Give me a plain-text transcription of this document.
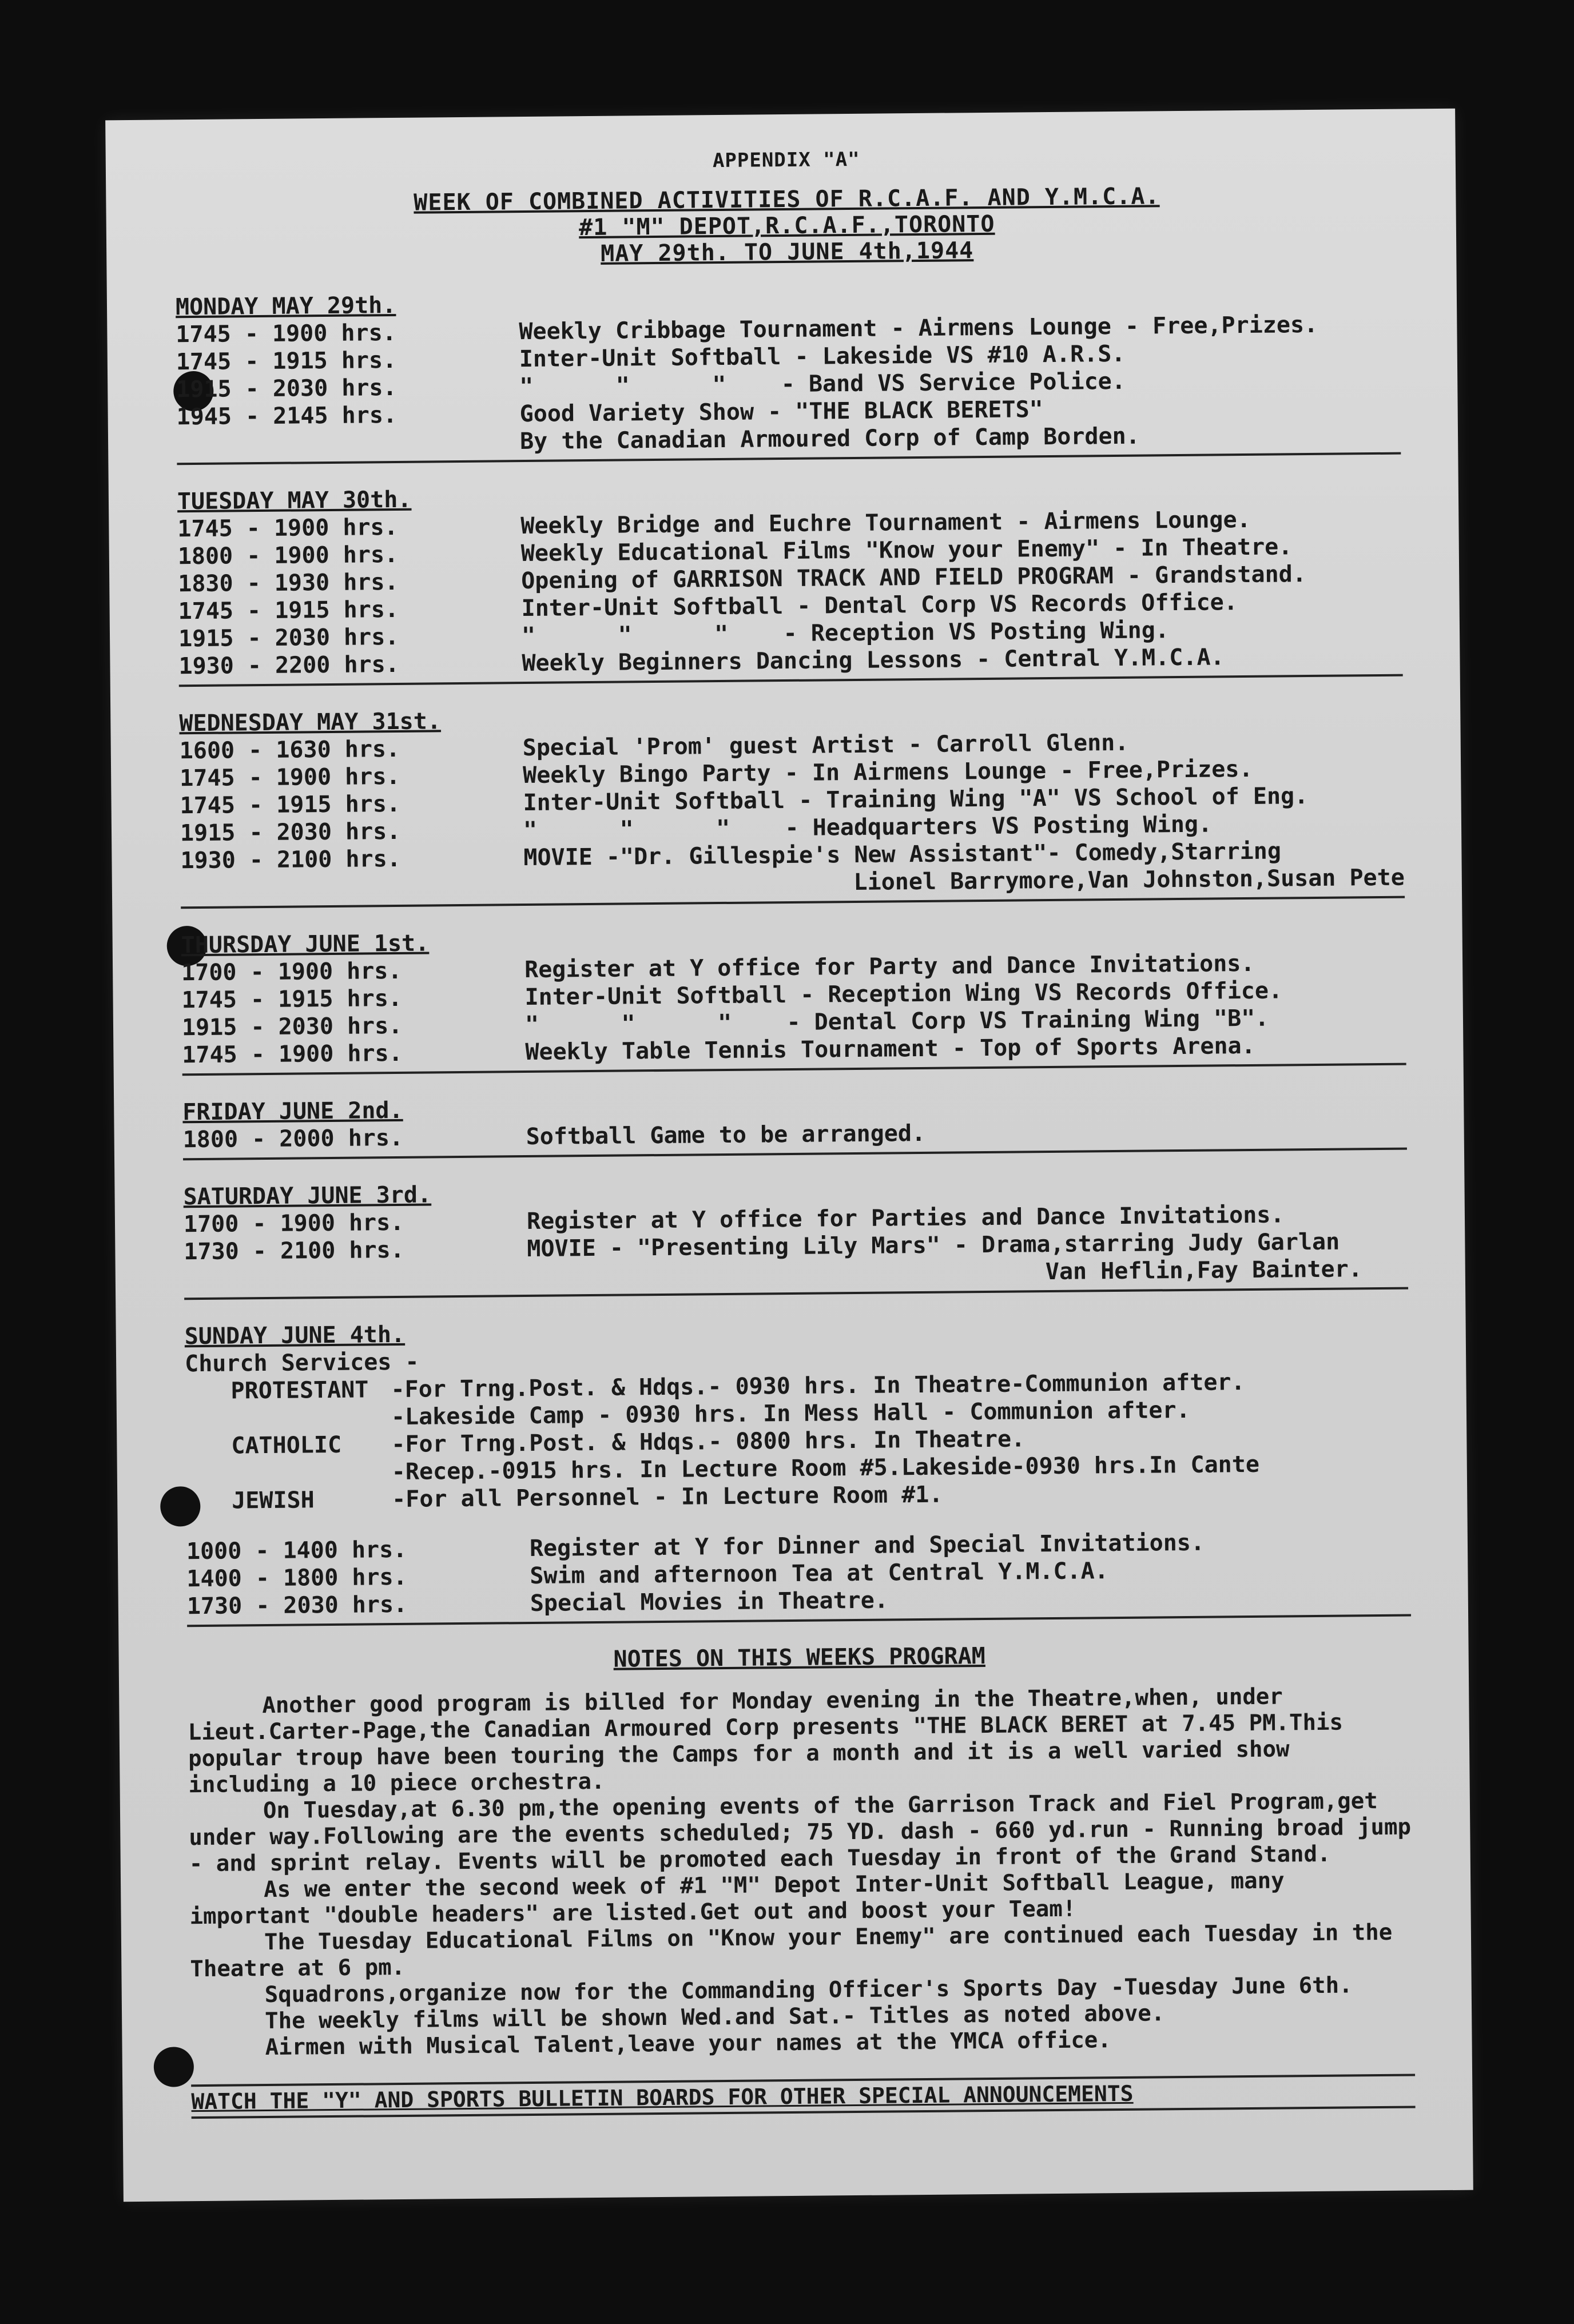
APPENDIX "A"
WEEK OF COMBINED ACTIVITIES OF R.C.A.F. AND Y.M.C.A.
#1 "M" DEPOT,R.C.A.F.,TORONTO
MAY 29th. TO JUNE 4th,1944
MONDAY MAY 29th.
1745 - 1900 hrs.	Weekly Cribbage Tournament - Airmens Lounge - Free,Prizes.
1745 - 1915 hrs.	Inter-Unit Softball - Lakeside VS #10 A.R.S.
1915 - 2030 hrs.	"      "      "    - Band VS Service Police.
1945 - 2145 hrs.	Good Variety Show - "THE BLACK BERETS"
By the Canadian Armoured Corp of Camp Borden.
TUESDAY MAY 30th.
1745 - 1900 hrs.	Weekly Bridge and Euchre Tournament - Airmens Lounge.
1800 - 1900 hrs.	Weekly Educational Films "Know your Enemy" - In Theatre.
1830 - 1930 hrs.	Opening of GARRISON TRACK AND FIELD PROGRAM - Grandstand.
1745 - 1915 hrs.	Inter-Unit Softball - Dental Corp VS Records Office.
1915 - 2030 hrs.	"      "      "    - Reception VS Posting Wing.
1930 - 2200 hrs.	Weekly Beginners Dancing Lessons - Central Y.M.C.A.
WEDNESDAY MAY 31st.
1600 - 1630 hrs.	Special 'Prom' guest Artist - Carroll Glenn.
1745 - 1900 hrs.	Weekly Bingo Party - In Airmens Lounge - Free,Prizes.
1745 - 1915 hrs.	Inter-Unit Softball - Training Wing "A" VS School of Eng.
1915 - 2030 hrs.	"      "      "    - Headquarters VS Posting Wing.
1930 - 2100 hrs.	MOVIE -"Dr. Gillespie's New Assistant"- Comedy,Starring
Lionel Barrymore,Van Johnston,Susan Pete
THURSDAY JUNE 1st.
1700 - 1900 hrs.	Register at Y office for Party and Dance Invitations.
1745 - 1915 hrs.	Inter-Unit Softball - Reception Wing VS Records Office.
1915 - 2030 hrs.	"      "      "    - Dental Corp VS Training Wing "B".
1745 - 1900 hrs.	Weekly Table Tennis Tournament - Top of Sports Arena.
FRIDAY JUNE 2nd.
1800 - 2000 hrs.	Softball Game to be arranged.
SATURDAY JUNE 3rd.
1700 - 1900 hrs.	Register at Y office for Parties and Dance Invitations.
1730 - 2100 hrs.	MOVIE - "Presenting Lily Mars" - Drama,starring Judy Garlan
Van Heflin,Fay Bainter.
SUNDAY JUNE 4th.
Church Services -
PROTESTANT -For Trng.Post. & Hdqs.- 0930 hrs. In Theatre-Communion after.
-Lakeside Camp - 0930 hrs. In Mess Hall - Communion after.
CATHOLIC	-For Trng.Post. & Hdqs.- 0800 hrs. In Theatre.
-Recep.-0915 hrs. In Lecture Room #5.Lakeside-0930 hrs.In Cante
JEWISH	-For all Personnel - In Lecture Room #1.
1000 - 1400 hrs.	Register at Y for Dinner and Special Invitations.
1400 - 1800 hrs.	Swim and afternoon Tea at Central Y.M.C.A.
1730 - 2030 hrs.	Special Movies in Theatre.
NOTES ON THIS WEEKS PROGRAM

Another good program is billed for Monday evening in the Theatre,when, under Lieut.Carter-Page,the Canadian Armoured Corp presents "THE BLACK BERET at 7.45 PM.This popular troup have been touring the Camps for a month and it is a well varied show including a 10 piece orchestra.

On Tuesday,at 6.30 pm,the opening events of the Garrison Track and Fiel Program,get under way.Following are the events scheduled; 75 YD. dash - 660 yd.run - Running broad jump - and sprint relay. Events will be promoted each Tuesday in front of the Grand Stand.

As we enter the second week of #1 "M" Depot Inter-Unit Softball League, many important "double headers" are listed.Get out and boost your Team!

The Tuesday Educational Films on "Know your Enemy" are continued each Tuesday in the Theatre at 6 pm.

Squadrons,organize now for the Commanding Officer's Sports Day -Tuesday June 6th.

The weekly films will be shown Wed.and Sat.- Titles as noted above.

Airmen with Musical Talent,leave your names at the YMCA office.

WATCH THE "Y" AND SPORTS BULLETIN BOARDS FOR OTHER SPECIAL ANNOUNCEMENTS
